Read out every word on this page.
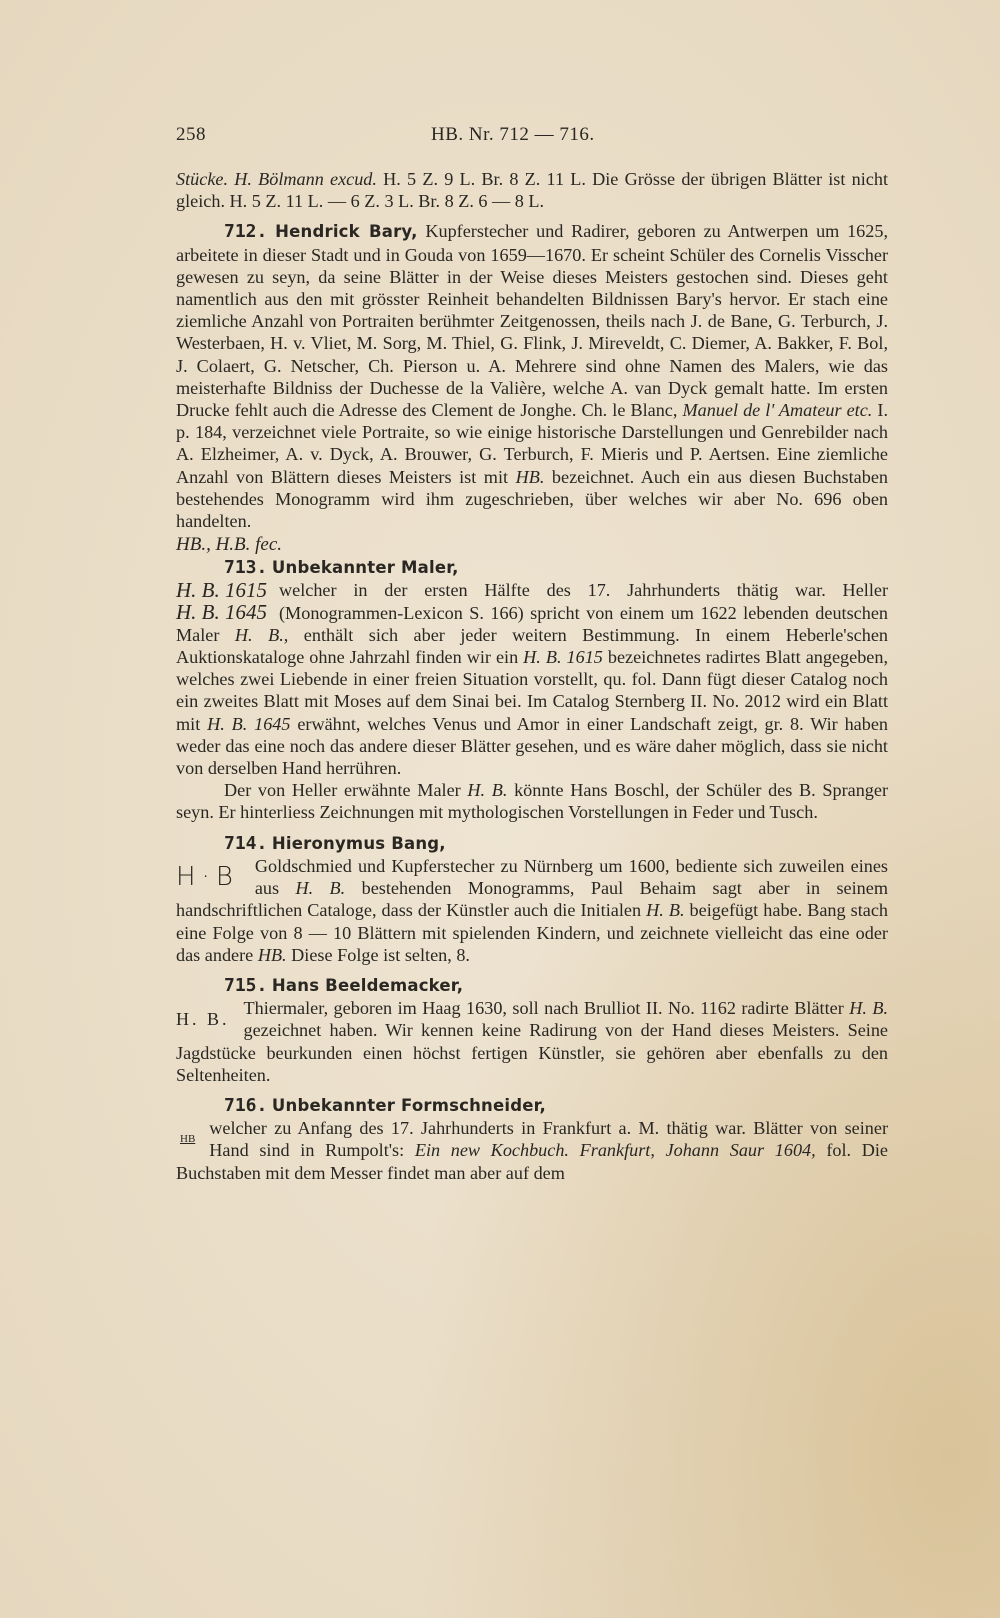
258	HB. Nr. 712 — 716.

Stücke. H. Bölmann excud. H. 5 Z. 9 L. Br. 8 Z. 11 L. Die Grösse der übrigen Blätter ist nicht gleich. H. 5 Z. 11 L. — 6 Z. 3 L. Br. 8 Z. 6 — 8 L.

712. Hendrick Bary, Kupferstecher und Radirer, geboren zu Antwerpen um 1625, arbeitete in dieser Stadt und in Gouda von 1659—1670. Er scheint Schüler des Cornelis Visscher gewesen zu seyn, da seine Blätter in der Weise dieses Meisters gestochen sind. Dieses geht namentlich aus den mit grösster Reinheit behandelten Bildnissen Bary's hervor. Er stach eine ziemliche Anzahl von Portraiten berühmter Zeitgenossen, theils nach J. de Bane, G. Terburch, J. Westerbaen, H. v. Vliet, M. Sorg, M. Thiel, G. Flink, J. Mireveldt, C. Diemer, A. Bakker, F. Bol, J. Colaert, G. Netscher, Ch. Pierson u. A. Mehrere sind ohne Namen des Malers, wie das meisterhafte Bildniss der Duchesse de la Valière, welche A. van Dyck gemalt hatte. Im ersten Drucke fehlt auch die Adresse des Clement de Jonghe. Ch. le Blanc, Manuel de l' Amateur etc. I. p. 184, verzeichnet viele Portraite, so wie einige historische Darstellungen und Genrebilder nach A. Elzheimer, A. v. Dyck, A. Brouwer, G. Terburch, F. Mieris und P. Aertsen. Eine ziemliche Anzahl von Blättern dieses Meisters ist mit HB. bezeichnet. Auch ein aus diesen Buchstaben bestehendes Monogramm wird ihm zugeschrieben, über welches wir aber No. 696 oben handelten.

HB., H.B. fec.

713. Unbekannter Maler,

H. B. 1615
H. B. 1645
welcher in der ersten Hälfte des 17. Jahrhunderts thätig war. Heller (Monogrammen-Lexicon S. 166) spricht von einem um 1622 lebenden deutschen Maler H. B., enthält sich aber jeder weitern Bestimmung. In einem Heberle'schen Auktionskataloge ohne Jahrzahl finden wir ein H. B. 1615 bezeichnetes radirtes Blatt angegeben, welches zwei Liebende in einer freien Situation vorstellt, qu. fol. Dann fügt dieser Catalog noch ein zweites Blatt mit Moses auf dem Sinai bei. Im Catalog Sternberg II. No. 2012 wird ein Blatt mit H. B. 1645 erwähnt, welches Venus und Amor in einer Landschaft zeigt, gr. 8. Wir haben weder das eine noch das andere dieser Blätter gesehen, und es wäre daher möglich, dass sie nicht von derselben Hand herrühren.

Der von Heller erwähnte Maler H. B. könnte Hans Boschl, der Schüler des B. Spranger seyn. Er hinterliess Zeichnungen mit mythologischen Vorstellungen in Feder und Tusch.

714. Hieronymus Bang,

H·B Goldschmied und Kupferstecher zu Nürnberg um 1600, bediente sich zuweilen eines aus H. B. bestehenden Monogramms, Paul Behaim sagt aber in seinem handschriftlichen Cataloge, dass der Künstler auch die Initialen H. B. beigefügt habe. Bang stach eine Folge von 8 — 10 Blättern mit spielenden Kindern, und zeichnete vielleicht das eine oder das andere HB. Diese Folge ist selten, 8.

715. Hans Beeldemacker,

H. B.
Thiermaler, geboren im Haag 1630, soll nach Brulliot II. No. 1162 radirte Blätter H. B. gezeichnet haben. Wir kennen keine Radirung von der Hand dieses Meisters. Seine Jagdstücke beurkunden einen höchst fertigen Künstler, sie gehören aber ebenfalls zu den Seltenheiten.

716. Unbekannter Formschneider,

HB
welcher zu Anfang des 17. Jahrhunderts in Frankfurt a. M. thätig war. Blätter von seiner Hand sind in Rumpolt's: Ein new Kochbuch. Frankfurt, Johann Saur 1604, fol. Die Buchstaben mit dem Messer findet man aber auf dem
